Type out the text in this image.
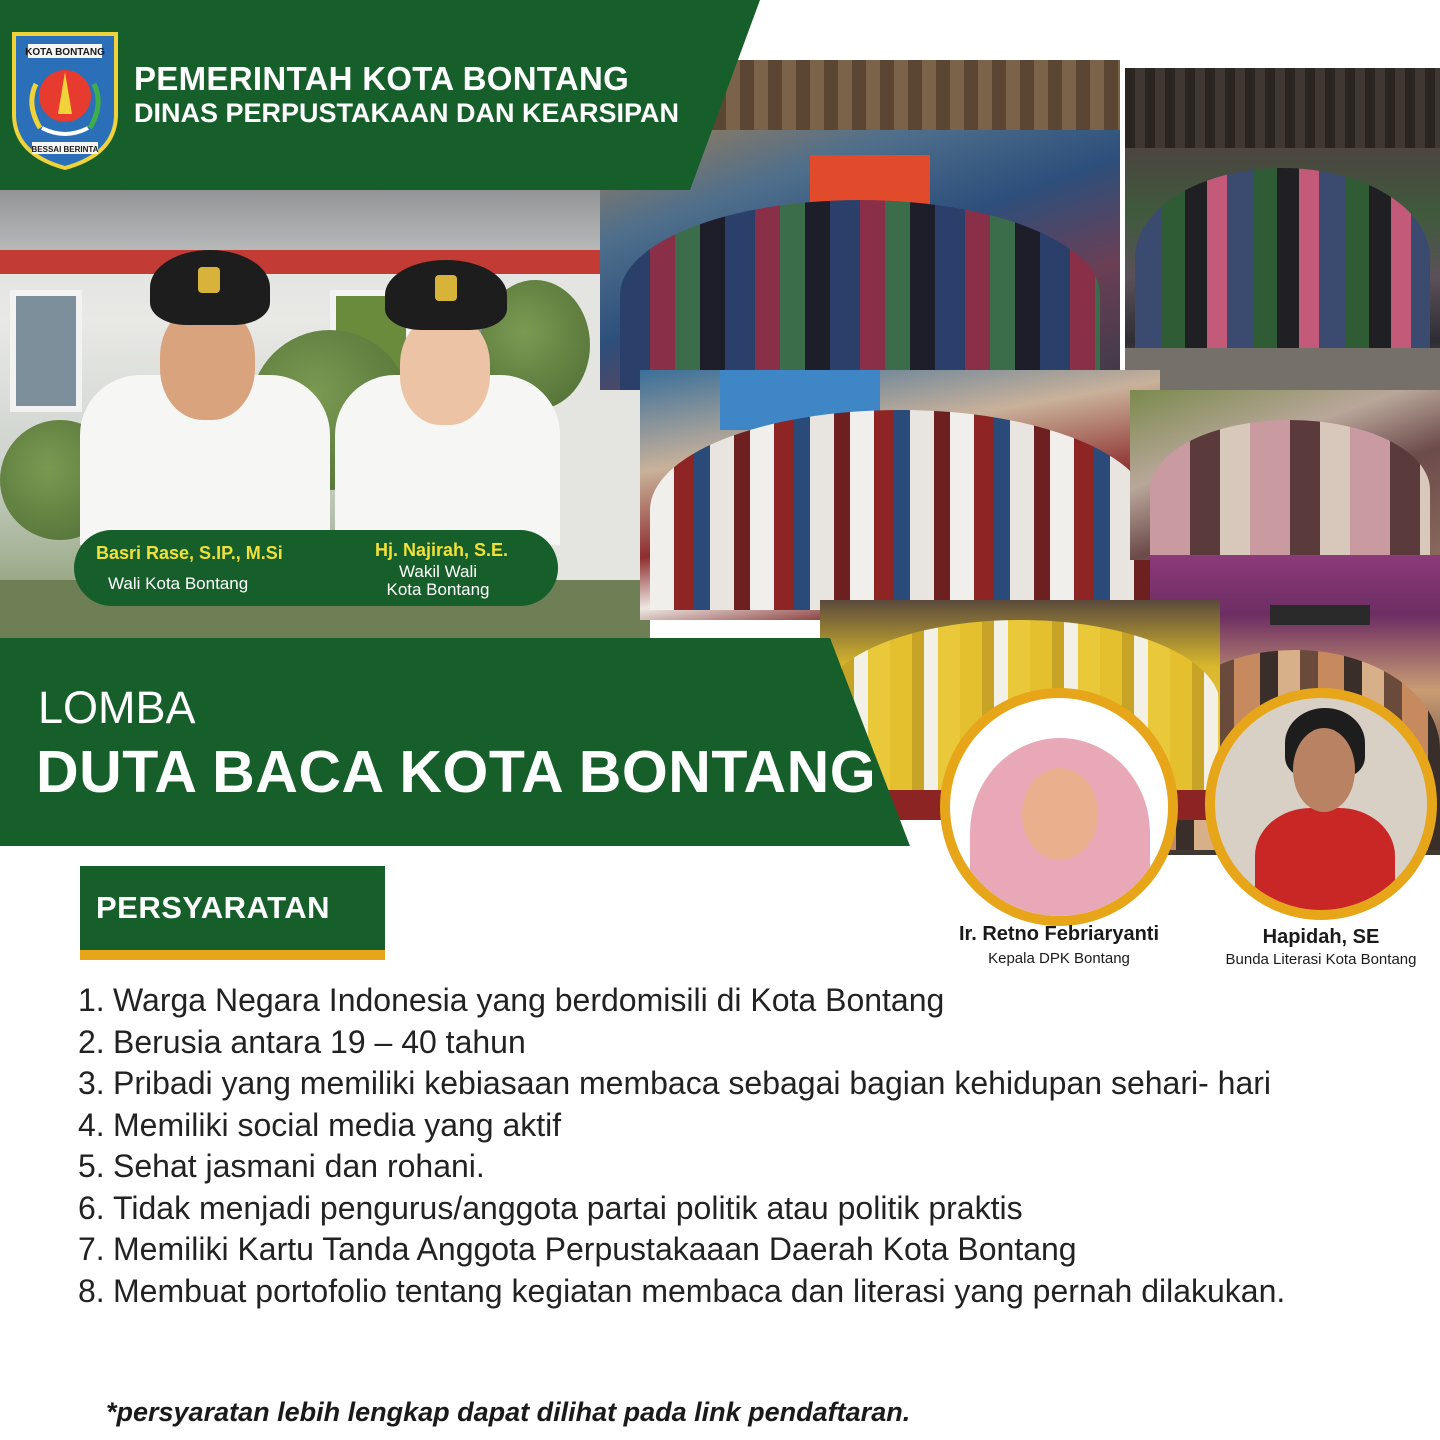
KOTA BONTANG
BESSAI BERINTA
PEMERINTAH KOTA BONTANG
DINAS PERPUSTAKAAN DAN KEARSIPAN
Basri Rase, S.IP., M.Si
Wali Kota Bontang
Hj. Najirah, S.E.
Wakil Wali
Kota Bontang
LOMBA
DUTA BACA KOTA BONTANG
Ir. Retno Febriaryanti
Kepala DPK Bontang
Hapidah, SE
Bunda Literasi Kota Bontang
PERSYARATAN
1. Warga Negara Indonesia yang berdomisili di Kota Bontang
2. Berusia antara 19 – 40 tahun
3. Pribadi yang memiliki kebiasaan membaca sebagai bagian kehidupan sehari- hari
4. Memiliki social media yang aktif
5. Sehat jasmani dan rohani.
6. Tidak menjadi pengurus/anggota partai politik atau politik praktis
7. Memiliki Kartu Tanda Anggota Perpustakaaan Daerah Kota Bontang
8. Membuat portofolio tentang kegiatan membaca dan literasi yang pernah dilakukan.
*persyaratan lebih lengkap dapat dilihat pada link pendaftaran.
